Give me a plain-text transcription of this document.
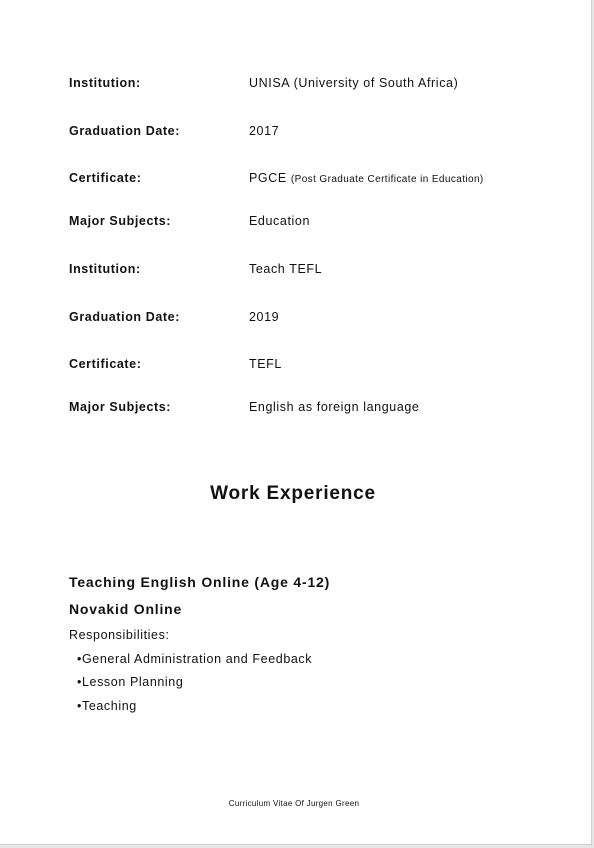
Institution:	UNISA (University of South Africa)
Graduation Date:	2017
Certificate:	PGCE (Post Graduate Certificate in Education)
Major Subjects:	Education
Institution:	Teach TEFL
Graduation Date:	2019
Certificate:	TEFL
Major Subjects:	English as foreign language
Work Experience
Teaching English Online (Age 4-12)
Novakid Online
Responsibilities:
•General Administration and Feedback
•Lesson Planning
•Teaching
Curriculum Vitae Of Jurgen Green
